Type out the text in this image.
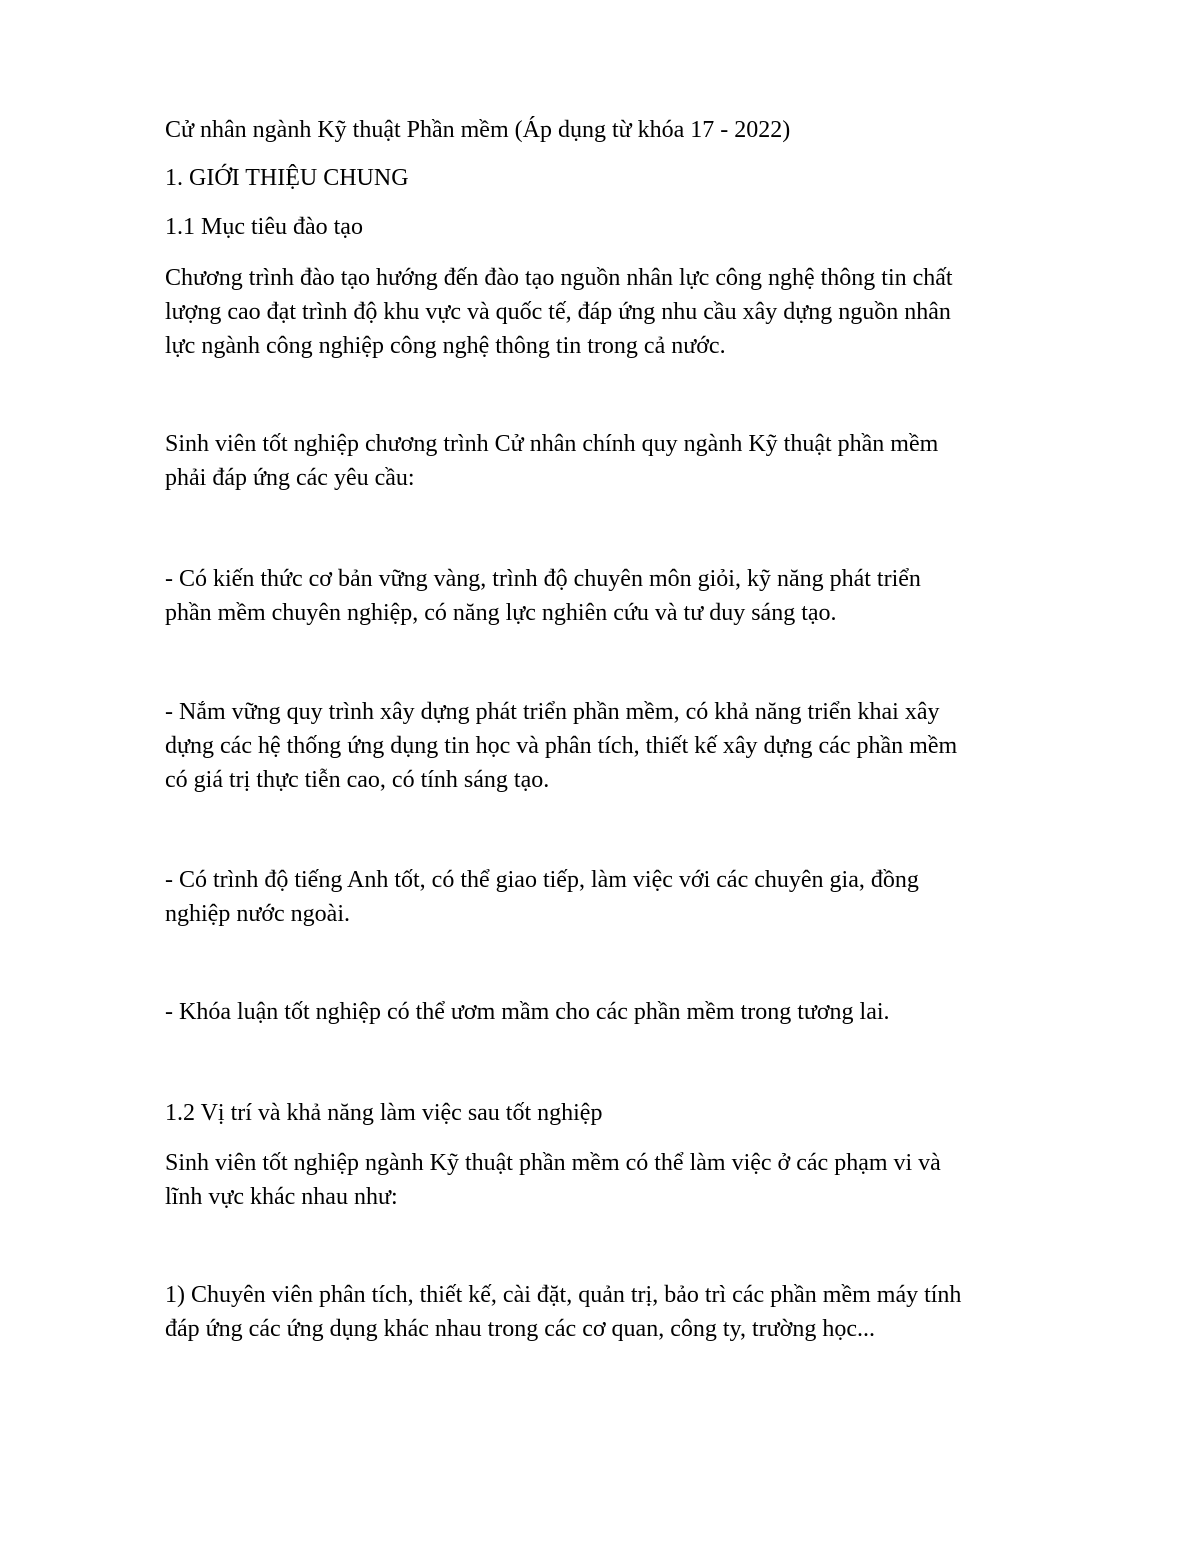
Cử nhân ngành Kỹ thuật Phần mềm (Áp dụng từ khóa 17 - 2022)

1. GIỚI THIỆU CHUNG

1.1 Mục tiêu đào tạo

Chương trình đào tạo hướng đến đào tạo nguồn nhân lực công nghệ thông tin chất

lượng cao đạt trình độ khu vực và quốc tế, đáp ứng nhu cầu xây dựng nguồn nhân

lực ngành công nghiệp công nghệ thông tin trong cả nước.

Sinh viên tốt nghiệp chương trình Cử nhân chính quy ngành Kỹ thuật phần mềm

phải đáp ứng các yêu cầu:

- Có kiến thức cơ bản vững vàng, trình độ chuyên môn giỏi, kỹ năng phát triển

phần mềm chuyên nghiệp, có năng lực nghiên cứu và tư duy sáng tạo.

- Nắm vững quy trình xây dựng phát triển phần mềm, có khả năng triển khai xây

dựng các hệ thống ứng dụng tin học và phân tích, thiết kế xây dựng các phần mềm

có giá trị thực tiễn cao, có tính sáng tạo.

- Có trình độ tiếng Anh tốt, có thể giao tiếp, làm việc với các chuyên gia, đồng

nghiệp nước ngoài.

- Khóa luận tốt nghiệp có thể ươm mầm cho các phần mềm trong tương lai.

1.2 Vị trí và khả năng làm việc sau tốt nghiệp

Sinh viên tốt nghiệp ngành Kỹ thuật phần mềm có thể làm việc ở các phạm vi và

lĩnh vực khác nhau như:

1) Chuyên viên phân tích, thiết kế, cài đặt, quản trị, bảo trì các phần mềm máy tính

đáp ứng các ứng dụng khác nhau trong các cơ quan, công ty, trường học...
